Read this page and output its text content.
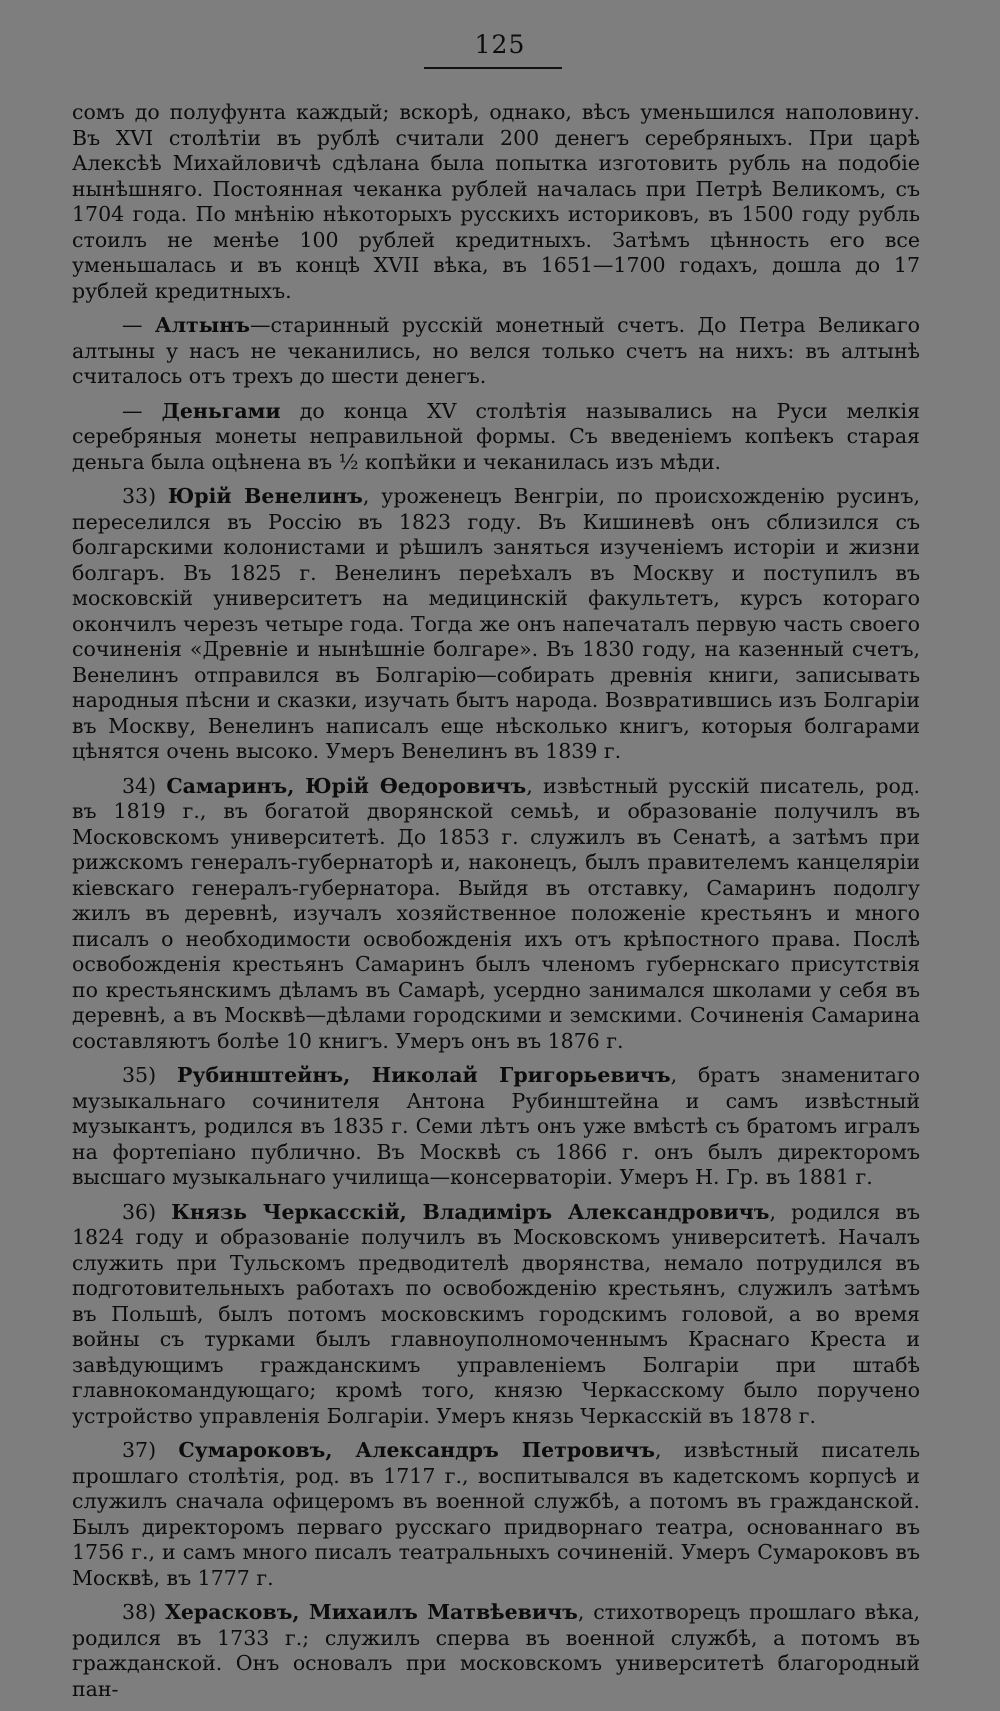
125

сомъ до полуфунта каждый; вскорѣ, однако, вѣсъ уменьшился наполовину. Въ XVI столѣтіи въ рублѣ считали 200 денегъ серебряныхъ. При царѣ Алексѣѣ Михайловичѣ сдѣлана была попытка изготовить рубль на подобіе нынѣшняго. Постоянная чеканка рублей началась при Петрѣ Великомъ, съ 1704 года. По мнѣнію нѣкоторыхъ русскихъ историковъ, въ 1500 году рубль стоилъ не менѣе 100 рублей кредитныхъ. Затѣмъ цѣнность его все уменьшалась и въ концѣ XVII вѣка, въ 1651—1700 годахъ, дошла до 17 рублей кредитныхъ.

— Алтынъ—старинный русскій монетный счетъ. До Петра Великаго алтыны у насъ не чеканились, но велся только счетъ на нихъ: въ алтынѣ считалось отъ трехъ до шести денегъ.

— Деньгами до конца XV столѣтія назывались на Руси мелкія серебряныя монеты неправильной формы. Съ введеніемъ копѣекъ старая деньга была оцѣнена въ ½ копѣйки и чеканилась изъ мѣди.

33) Юрій Венелинъ, уроженецъ Венгріи, по происхожденію русинъ, переселился въ Россію въ 1823 году. Въ Кишиневѣ онъ сблизился съ болгарскими колонистами и рѣшилъ заняться изученіемъ исторіи и жизни болгаръ. Въ 1825 г. Венелинъ переѣхалъ въ Москву и поступилъ въ московскій университетъ на медицинскій факультетъ, курсъ котораго окончилъ черезъ четыре года. Тогда же онъ напечаталъ первую часть своего сочиненія «Древніе и нынѣшніе болгаре». Въ 1830 году, на казенный счетъ, Венелинъ отправился въ Болгарію—собирать древнія книги, записывать народныя пѣсни и сказки, изучать бытъ народа. Возвратившись изъ Болгаріи въ Москву, Венелинъ написалъ еще нѣсколько книгъ, которыя болгарами цѣнятся очень высоко. Умеръ Венелинъ въ 1839 г.

34) Самаринъ, Юрій Ѳедоровичъ, извѣстный русскій писатель, род. въ 1819 г., въ богатой дворянской семьѣ, и образованіе получилъ въ Московскомъ университетѣ. До 1853 г. служилъ въ Сенатѣ, а затѣмъ при рижскомъ генералъ-губернаторѣ и, наконецъ, былъ правителемъ канцеляріи кіевскаго генералъ-губернатора. Выйдя въ отставку, Самаринъ подолгу жилъ въ деревнѣ, изучалъ хозяйственное положеніе крестьянъ и много писалъ о необходимости освобожденія ихъ отъ крѣпостного права. Послѣ освобожденія крестьянъ Самаринъ былъ членомъ губернскаго присутствія по крестьянскимъ дѣламъ въ Самарѣ, усердно занимался школами у себя въ деревнѣ, а въ Москвѣ—дѣлами городскими и земскими. Сочиненія Самарина составляютъ болѣе 10 книгъ. Умеръ онъ въ 1876 г.

35) Рубинштейнъ, Николай Григорьевичъ, братъ знаменитаго музыкальнаго сочинителя Антона Рубинштейна и самъ извѣстный музыкантъ, родился въ 1835 г. Семи лѣтъ онъ уже вмѣстѣ съ братомъ игралъ на фортепіано публично. Въ Москвѣ съ 1866 г. онъ былъ директоромъ высшаго музыкальнаго училища—консерваторіи. Умеръ Н. Гр. въ 1881 г.

36) Князь Черкасскій, Владиміръ Александровичъ, родился въ 1824 году и образованіе получилъ въ Московскомъ университетѣ. Началъ служить при Тульскомъ предводителѣ дворянства, немало потрудился въ подготовительныхъ работахъ по освобожденію крестьянъ, служилъ затѣмъ въ Польшѣ, былъ потомъ московскимъ городскимъ головой, а во время войны съ турками былъ главноуполномоченнымъ Краснаго Креста и завѣдующимъ гражданскимъ управленіемъ Болгаріи при штабѣ главнокомандующаго; кромѣ того, князю Черкасскому было поручено устройство управленія Болгаріи. Умеръ князь Черкасскій въ 1878 г.

37) Сумароковъ, Александръ Петровичъ, извѣстный писатель прошлаго столѣтія, род. въ 1717 г., воспитывался въ кадетскомъ корпусѣ и служилъ сначала офицеромъ въ военной службѣ, а потомъ въ гражданской. Былъ директоромъ перваго русскаго придворнаго театра, основаннаго въ 1756 г., и самъ много писалъ театральныхъ сочиненій. Умеръ Сумароковъ въ Москвѣ, въ 1777 г.

38) Херасковъ, Михаилъ Матвѣевичъ, стихотворецъ прошлаго вѣка, родился въ 1733 г.; служилъ сперва въ военной службѣ, а потомъ въ гражданской. Онъ основалъ при московскомъ университетѣ благородный пан-
